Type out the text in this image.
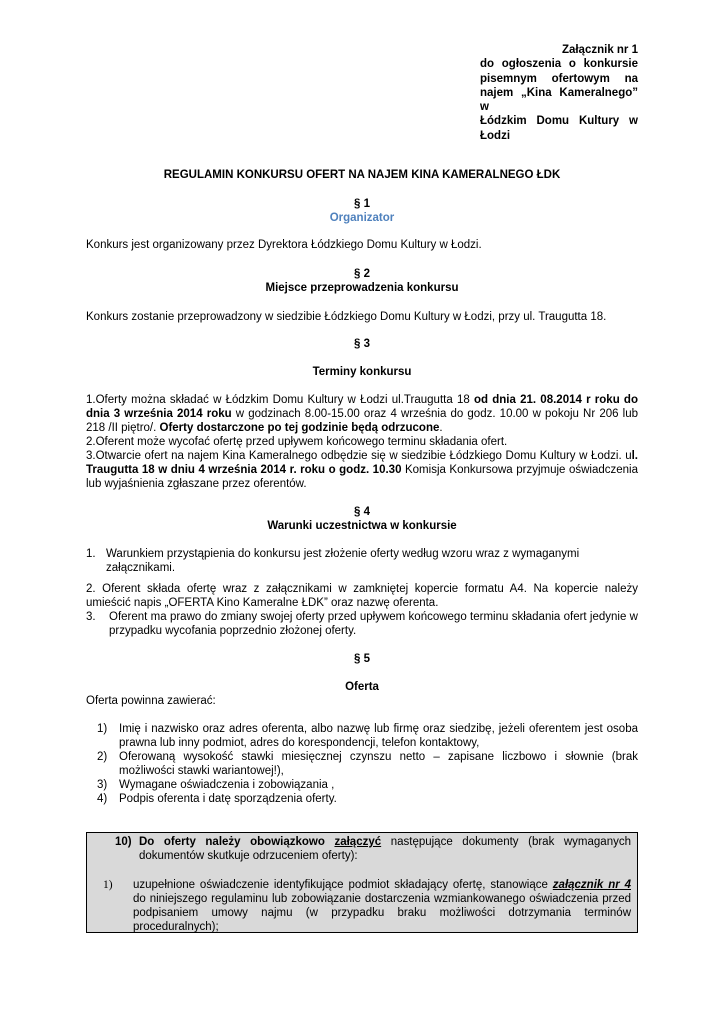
Załącznik nr 1
do ogłoszenia o konkursie
pisemnym ofertowym na
najem „Kina Kameralnego”
w
Łódzkim Domu Kultury w
Łodzi
REGULAMIN KONKURSU OFERT NA NAJEM KINA KAMERALNEGO ŁDK
§ 1
Organizator
Konkurs jest organizowany przez Dyrektora Łódzkiego Domu Kultury w Łodzi.
§ 2
Miejsce przeprowadzenia konkursu
Konkurs zostanie przeprowadzony w siedzibie Łódzkiego Domu Kultury w Łodzi, przy ul. Traugutta 18.
§ 3
Terminy konkursu
1.Oferty można składać w Łódzkim Domu Kultury w Łodzi ul.Traugutta 18 od dnia 21. 08.2014 r roku do dnia 3 września 2014 roku w godzinach 8.00-15.00 oraz 4 września do godz. 10.00 w pokoju Nr 206 lub 218 /II piętro/. Oferty dostarczone po tej godzinie będą odrzucone.
2.Oferent może wycofać ofertę przed upływem końcowego terminu składania ofert.
3.Otwarcie ofert na najem Kina Kameralnego odbędzie się w siedzibie Łódzkiego Domu Kultury w Łodzi. ul. Traugutta 18 w dniu 4 września 2014 r. roku o godz. 10.30 Komisja Konkursowa przyjmuje oświadczenia lub wyjaśnienia zgłaszane przez oferentów.
§ 4
Warunki uczestnictwa w konkursie
1. Warunkiem przystąpienia do konkursu jest złożenie oferty według wzoru wraz z wymaganymi załącznikami.
2. Oferent składa ofertę wraz z załącznikami w zamkniętej kopercie formatu A4. Na kopercie należy umieścić napis „OFERTA Kino Kameralne ŁDK” oraz nazwę oferenta.
3. Oferent ma prawo do zmiany swojej oferty przed upływem końcowego terminu składania ofert jedynie w przypadku wycofania poprzednio złożonej oferty.
§ 5
Oferta
Oferta powinna zawierać:
1) Imię i nazwisko oraz adres oferenta, albo nazwę lub firmę oraz siedzibę, jeżeli oferentem jest osoba prawna lub inny podmiot, adres do korespondencji, telefon kontaktowy,
2) Oferowaną wysokość stawki miesięcznej czynszu netto – zapisane liczbowo i słownie (brak możliwości stawki wariantowej!),
3) Wymagane oświadczenia i zobowiązania ,
4) Podpis oferenta i datę sporządzenia oferty.
10) Do oferty należy obowiązkowo załączyć następujące dokumenty (brak wymaganych dokumentów skutkuje odrzuceniem oferty):
1) uzupełnione oświadczenie identyfikujące podmiot składający ofertę, stanowiące załącznik nr 4 do niniejszego regulaminu lub zobowiązanie dostarczenia wzmiankowanego oświadczenia przed podpisaniem umowy najmu (w przypadku braku możliwości dotrzymania terminów proceduralnych);
